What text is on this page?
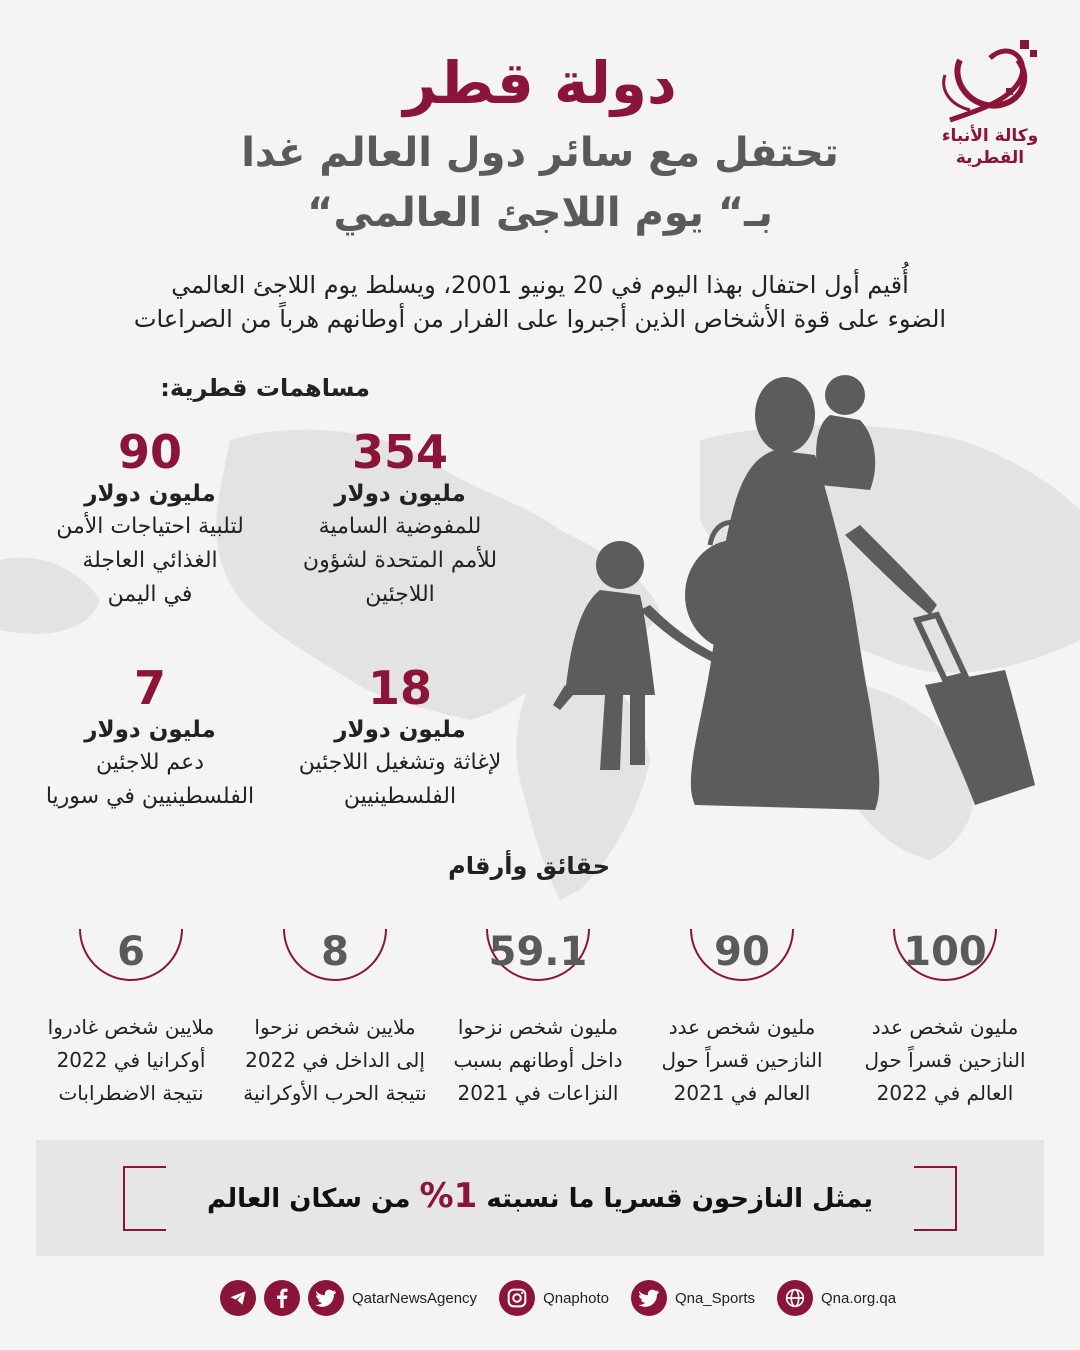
وكالة الأنباء
القطرية
دولة قطر
تحتفل مع سائر دول العالم غدا
بـ“ يوم اللاجئ العالمي“
أُقيم أول احتفال بهذا اليوم في 20 يونيو 2001، ويسلط يوم اللاجئ العالمي
الضوء على قوة الأشخاص الذين أجبروا على الفرار من أوطانهم هرباً من الصراعات
مساهمات قطرية:
354
مليون دولار
للمفوضية السامية
للأمم المتحدة لشؤون
اللاجئين
90
مليون دولار
لتلبية احتياجات الأمن
الغذائي العاجلة
في اليمن
18
مليون دولار
لإغاثة وتشغيل اللاجئين
الفلسطينيين
7
مليون دولار
دعم للاجئين
الفلسطينيين في سوريا
حقائق وأرقام
100
مليون شخص عدد
النازحين قسراً حول
العالم في 2022
90
مليون شخص عدد
النازحين قسراً حول
العالم في 2021
59.1
مليون شخص نزحوا
داخل أوطانهم بسبب
النزاعات في 2021
8
ملايين شخص نزحوا
إلى الداخل في 2022
نتيجة الحرب الأوكرانية
6
ملايين شخص غادروا
أوكرانيا في 2022
نتيجة الاضطرابات
يمثل النازحون قسريا ما نسبته 1% من سكان العالم
QatarNewsAgency	Qnaphoto	Qna_Sports	Qna.org.qa
